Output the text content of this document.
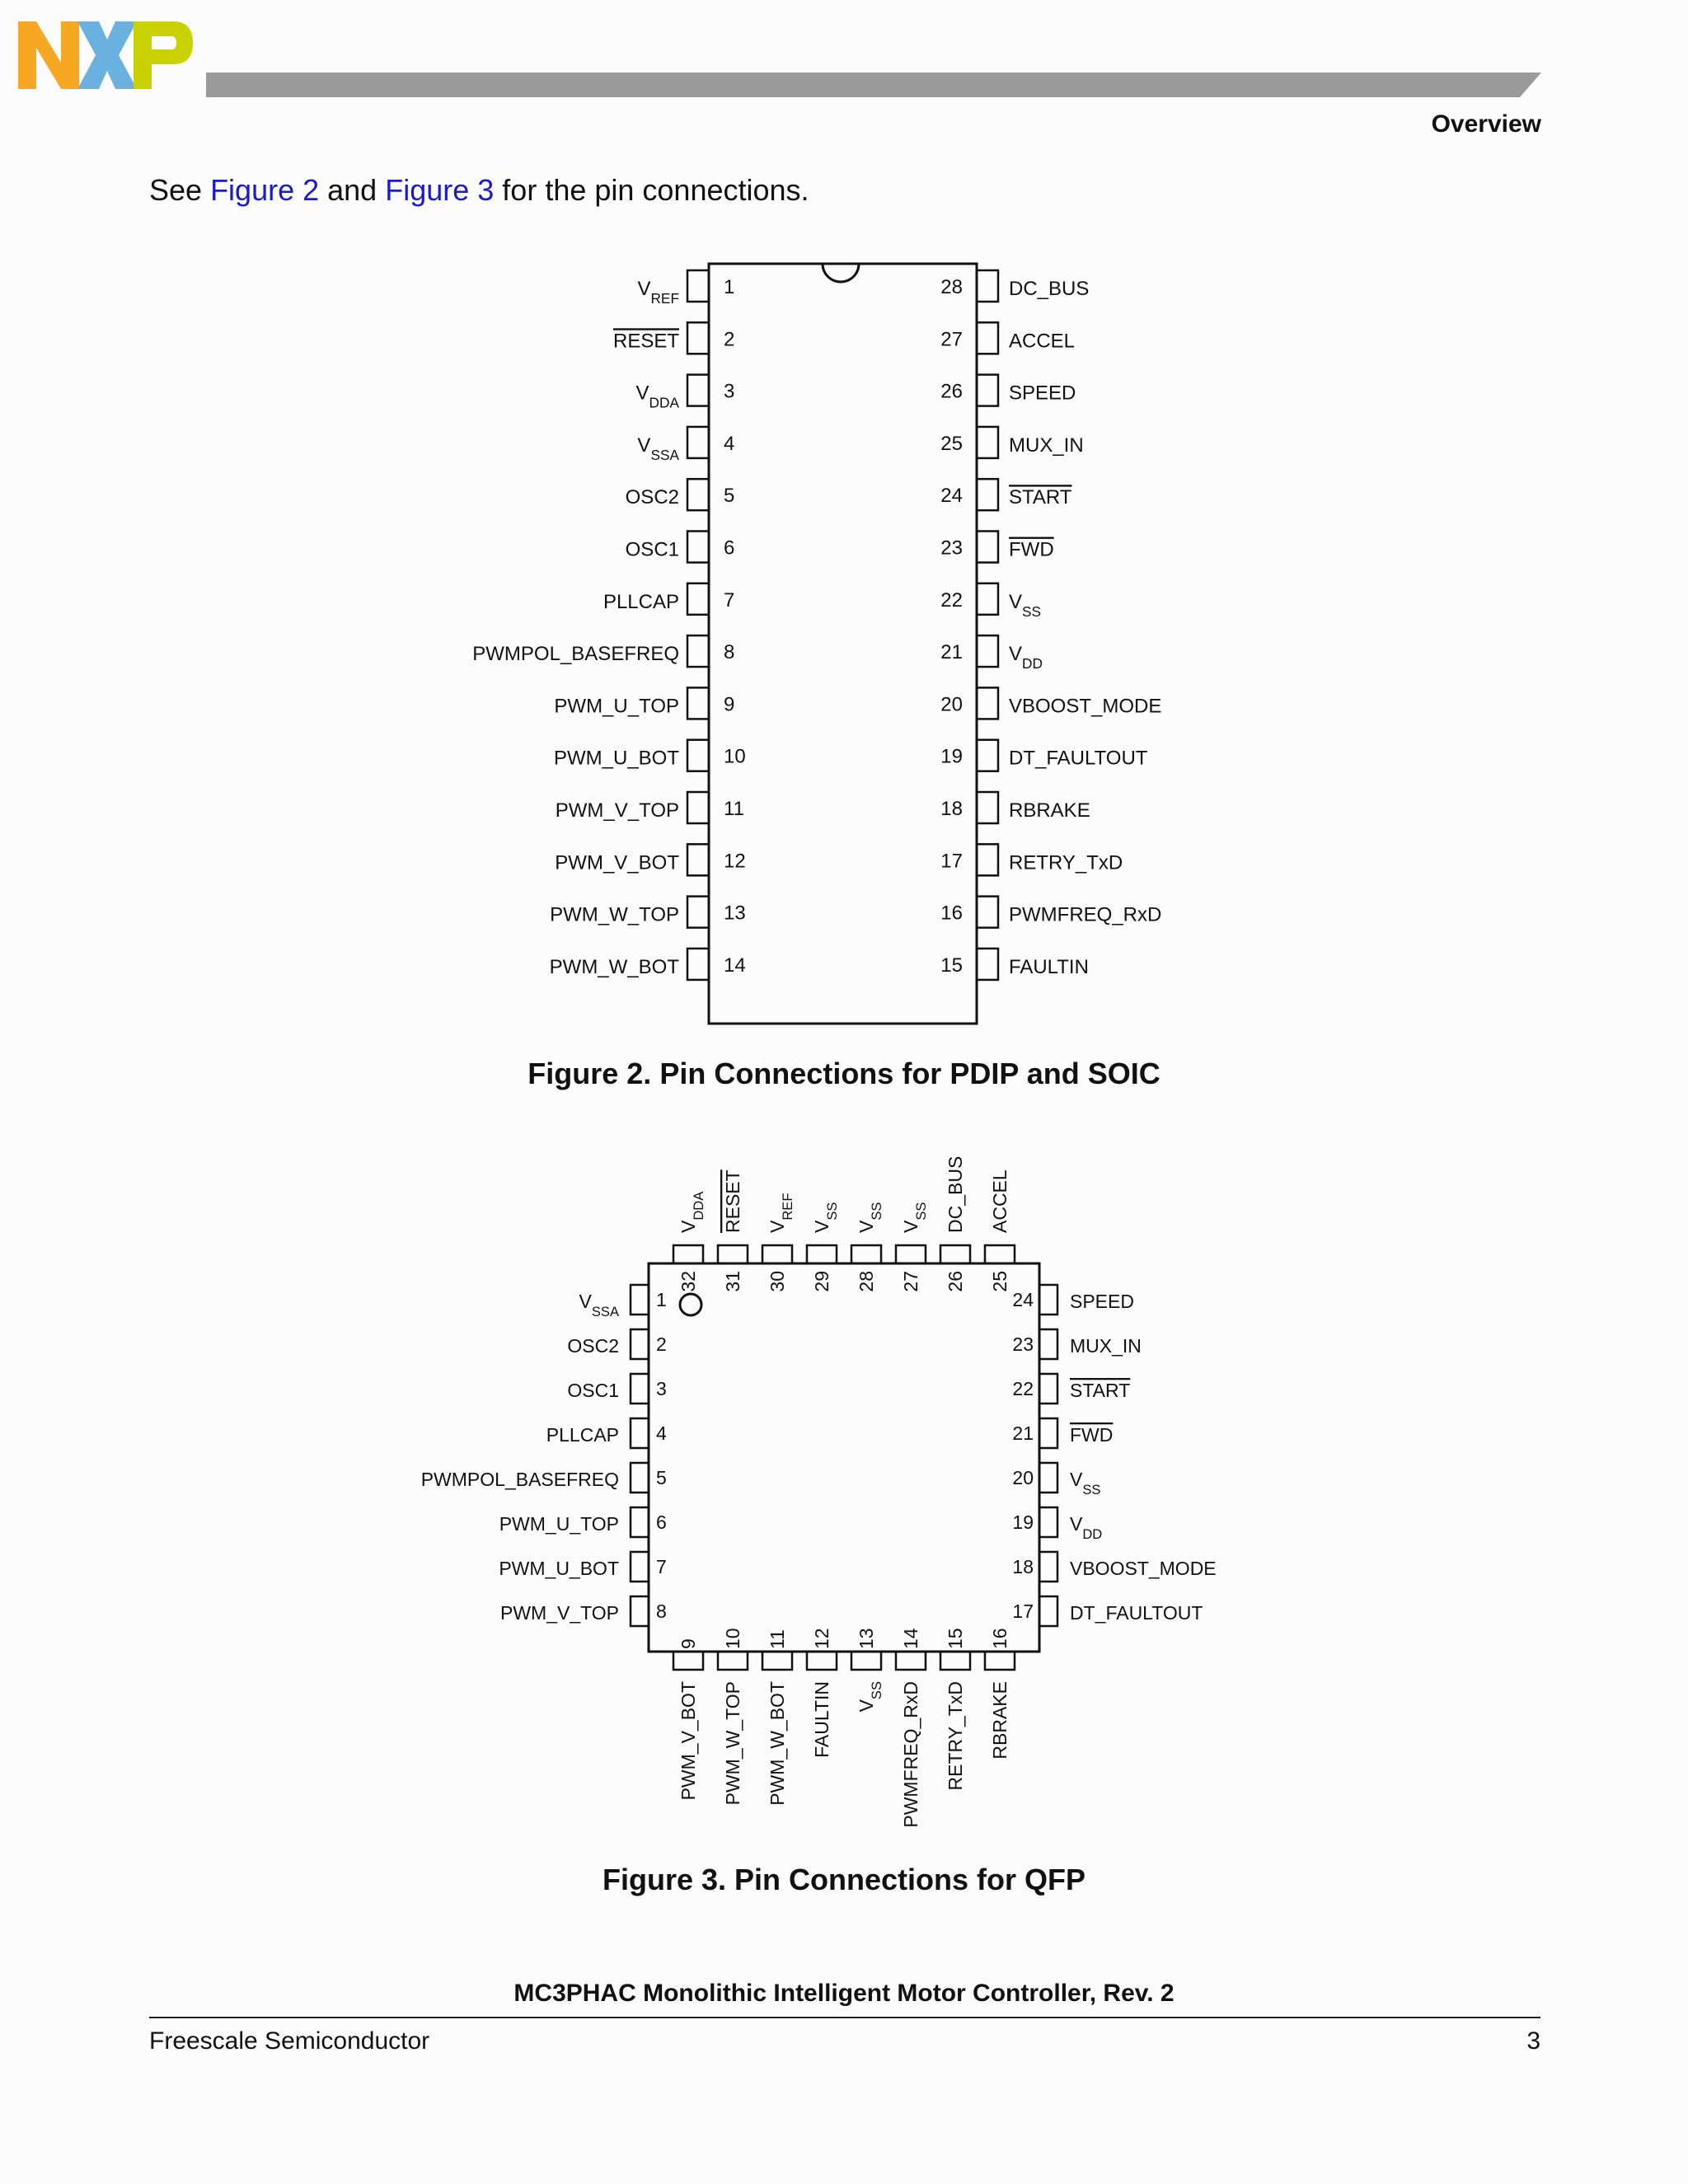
Overview
See Figure 2 and Figure 3 for the pin connections.
1
$V_{REF}$
2
RESET
3
$V_{DDA}$
4
$V_{SSA}$
5
OSC2
6
OSC1
7
PLLCAP
8
PWMPOL_BASEFREQ
9
PWM_U_TOP
10
PWM_U_BOT
11
PWM_V_TOP
12
PWM_V_BOT
13
PWM_W_TOP
14
PWM_W_BOT
28 DC_BUS
27 ACCEL
26 SPEED
25 MUX_IN
24 START
23 FWD
22 $V_{SS}$
21 $V_{DD}$
20 VBOOST_MODE
19 DT_FAULTOUT
18 RBRAKE
17 RETRY_TxD
16 PWMFREQ_RxD
15 FAULTIN
Figure 2. Pin Connections for PDIP and SOIC
1
$V_{SSA}$
2
OSC2
3
OSC1
4
PLLCAP
5
PWMPOL_BASEFREQ
6
PWM_U_TOP
7
PWM_U_BOT
8
PWM_V_TOP	17 DT_FAULTOUT
18 VBOOST_MODE
19 $V_{DD}$
20 $V_{SS}$
21 FWD
22 START
23 MUX_IN
24 SPEED
9
PWM_V_BOT
10
PWM_W_TOP
11
PWM_W_BOT
12
FAULTIN
13
$V_{SS}$
14
PWMFREQ_RxD
15
RETRY_TxD
16
RBRAKE
25
ACCEL
26
DC_BUS
27
$V_{SS}$
28
$V_{SS}$
29
$V_{SS}$
30
$V_{REF}$
31
RESET
32
$V_{DDA}$
Figure 3. Pin Connections for QFP
MC3PHAC Monolithic Intelligent Motor Controller, Rev. 2
Freescale Semiconductor	3
